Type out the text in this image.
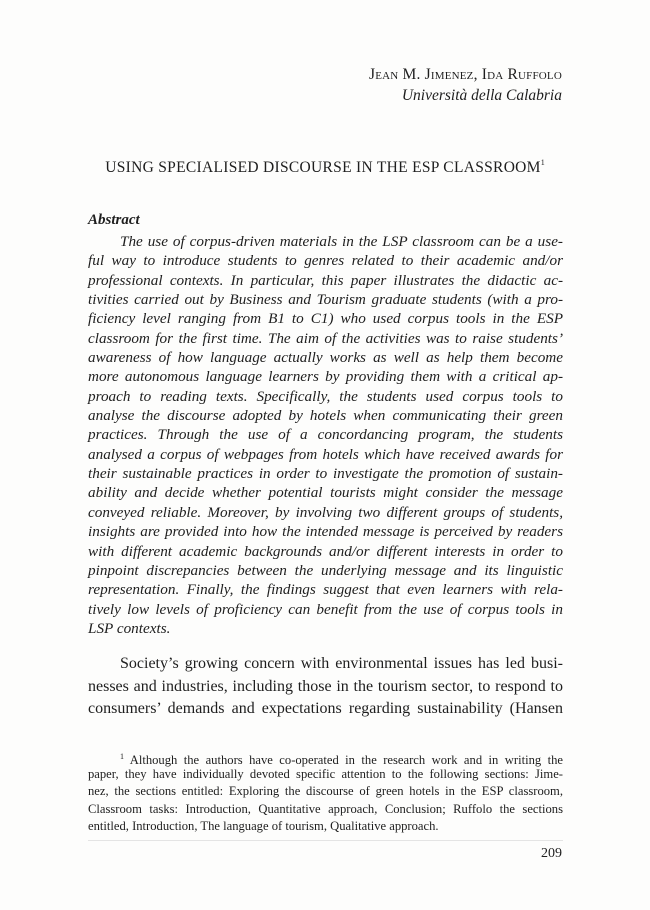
Jean M. Jimenez, Ida Ruffolo
Università della Calabria
USING SPECIALISED DISCOURSE IN THE ESP CLASSROOM$^1$
Abstract
The use of corpus-driven materials in the LSP classroom can be a use-
ful way to introduce students to genres related to their academic and/or
professional contexts. In particular, this paper illustrates the didactic ac-
tivities carried out by Business and Tourism graduate students (with a pro-
ficiency level ranging from B1 to C1) who used corpus tools in the ESP
classroom for the first time. The aim of the activities was to raise students’
awareness of how language actually works as well as help them become
more autonomous language learners by providing them with a critical ap-
proach to reading texts. Specifically, the students used corpus tools to
analyse the discourse adopted by hotels when communicating their green
practices. Through the use of a concordancing program, the students
analysed a corpus of webpages from hotels which have received awards for
their sustainable practices in order to investigate the promotion of sustain-
ability and decide whether potential tourists might consider the message
conveyed reliable. Moreover, by involving two different groups of students,
insights are provided into how the intended message is perceived by readers
with different academic backgrounds and/or different interests in order to
pinpoint discrepancies between the underlying message and its linguistic
representation. Finally, the findings suggest that even learners with rela-
tively low levels of proficiency can benefit from the use of corpus tools in
LSP contexts.
Society’s growing concern with environmental issues has led busi-
nesses and industries, including those in the tourism sector, to respond to
consumers’ demands and expectations regarding sustainability (Hansen
$^1$ Although the authors have co-operated in the research work and in writing the
paper, they have individually devoted specific attention to the following sections: Jime-
nez, the sections entitled: Exploring the discourse of green hotels in the ESP classroom,
Classroom tasks: Introduction, Quantitative approach, Conclusion; Ruffolo the sections
entitled, Introduction, The language of tourism, Qualitative approach.
209
